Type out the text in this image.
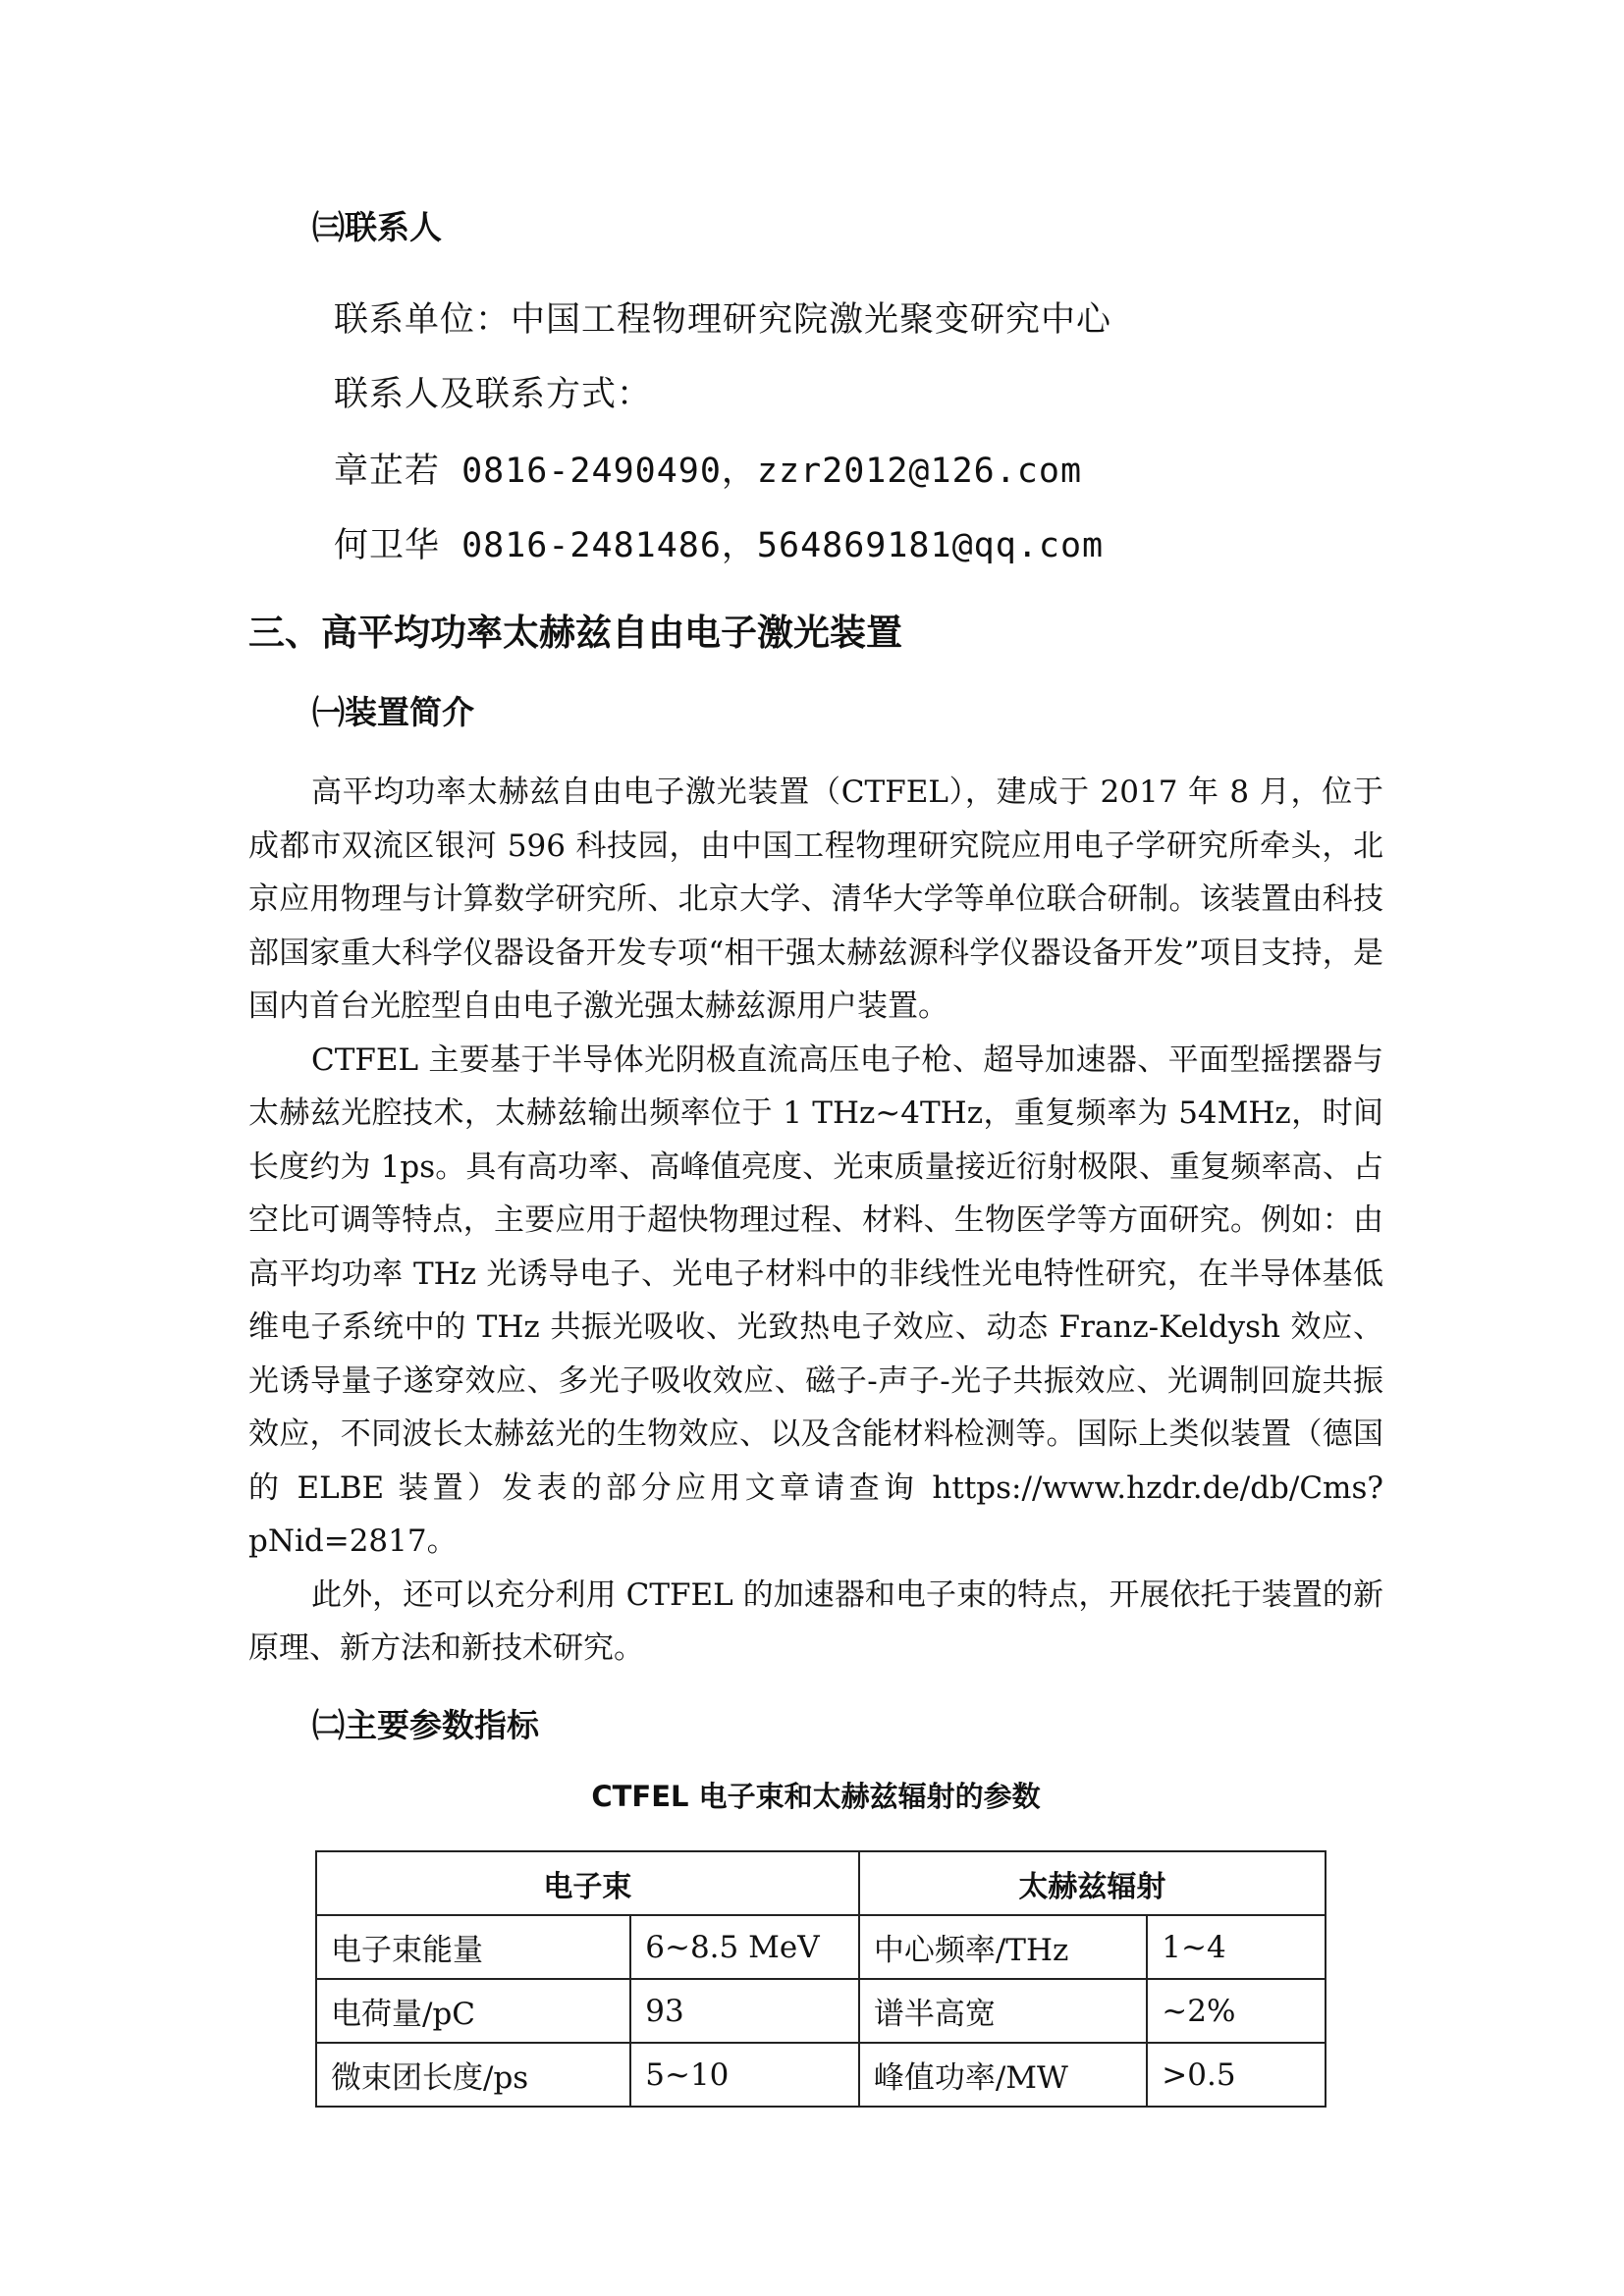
㈢联系人
联系单位：中国工程物理研究院激光聚变研究中心
联系人及联系方式：
章芷若 0816-2490490，zzr2012@126.com
何卫华 0816-2481486，564869181@qq.com
三、高平均功率太赫兹自由电子激光装置
㈠装置简介

高平均功率太赫兹自由电子激光装置（CTFEL），建成于 2017 年 8 月，位于成都市双流区银河 596 科技园，由中国工程物理研究院应用电子学研究所牵头，北京应用物理与计算数学研究所、北京大学、清华大学等单位联合研制。该装置由科技部国家重大科学仪器设备开发专项“相干强太赫兹源科学仪器设备开发”项目支持，是国内首台光腔型自由电子激光强太赫兹源用户装置。

CTFEL 主要基于半导体光阴极直流高压电子枪、超导加速器、平面型摇摆器与太赫兹光腔技术，太赫兹输出频率位于 1 THz~4THz，重复频率为 54MHz，时间长度约为 1ps。具有高功率、高峰值亮度、光束质量接近衍射极限、重复频率高、占空比可调等特点，主要应用于超快物理过程、材料、生物医学等方面研究。例如：由高平均功率 THz 光诱导电子、光电子材料中的非线性光电特性研究，在半导体基低维电子系统中的 THz 共振光吸收、光致热电子效应、动态 Franz-Keldysh 效应、光诱导量子遂穿效应、多光子吸收效应、磁子-声子-光子共振效应、光调制回旋共振效应，不同波长太赫兹光的生物效应、以及含能材料检测等。国际上类似装置（德国的 ELBE 装置）发表的部分应用文章请查询 https://www.hzdr.de/db/Cms?pNid=2817。

此外，还可以充分利用 CTFEL 的加速器和电子束的特点，开展依托于装置的新原理、新方法和新技术研究。

㈡主要参数指标
CTFEL 电子束和太赫兹辐射的参数
电子束		太赫兹辐射	
电子束能量	6~8.5 MeV	中心频率/THz	1~4
电荷量/pC	93	谱半高宽	~2%
微束团长度/ps	5~10	峰值功率/MW	>0.5
